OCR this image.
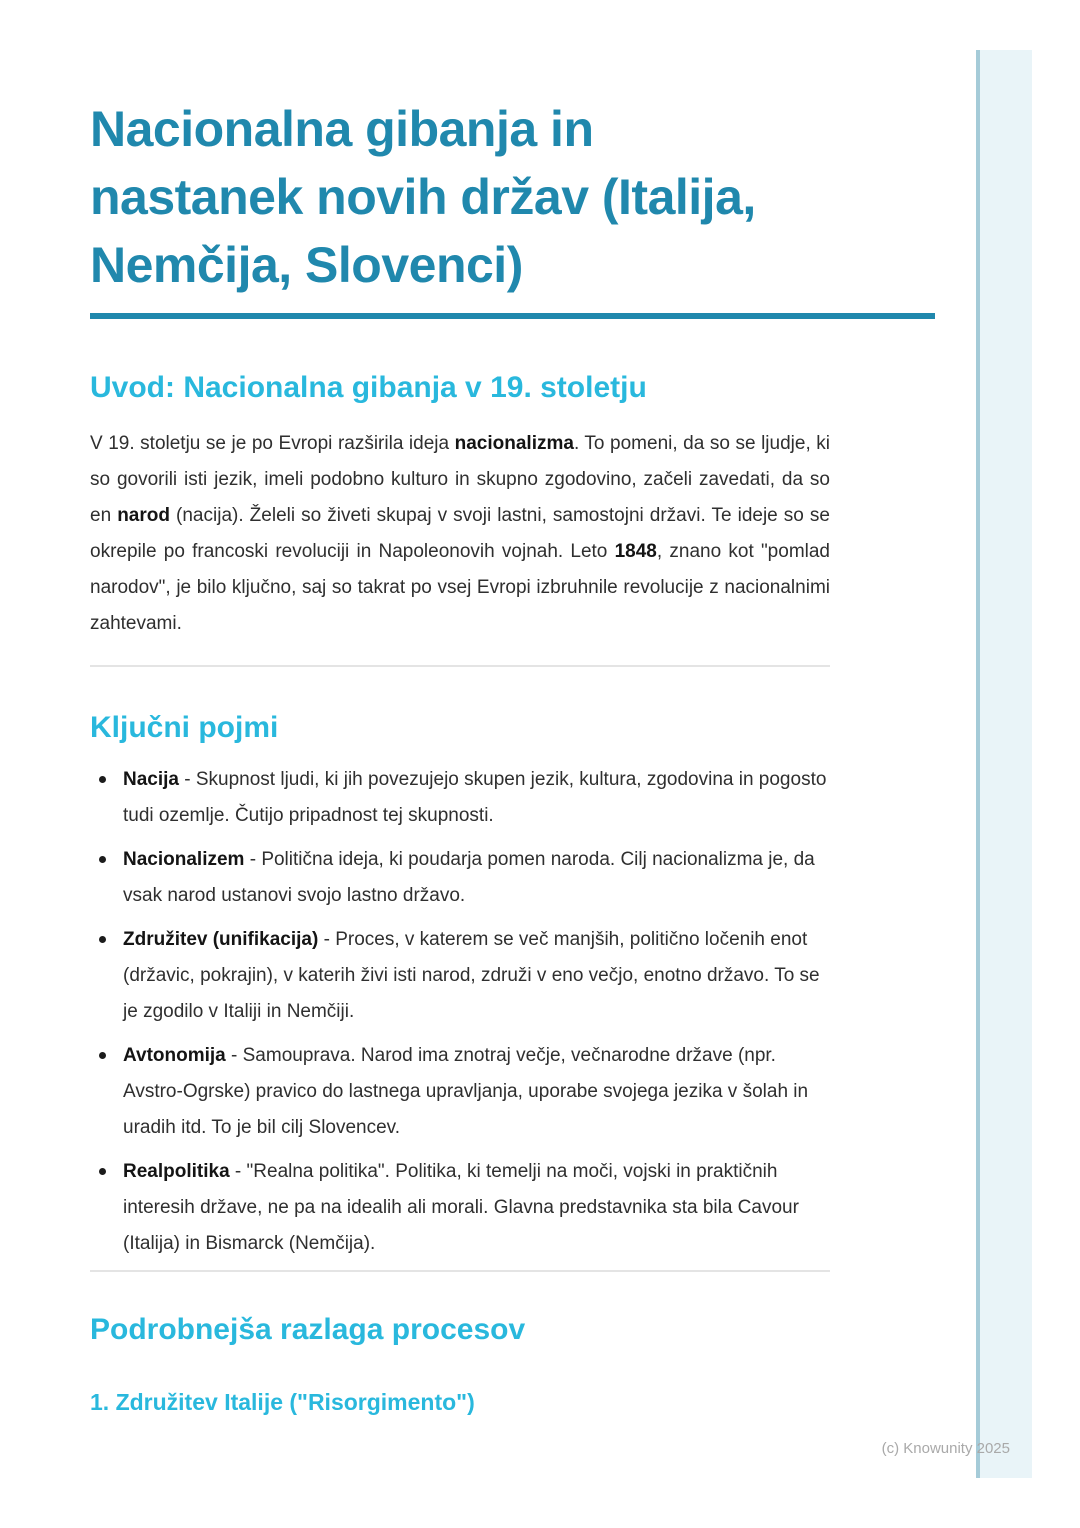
Nacionalna gibanja in
nastanek novih držav (Italija,
Nemčija, Slovenci)
Uvod: Nacionalna gibanja v 19. stoletju

V 19. stoletju se je po Evropi razširila ideja nacionalizma. To pomeni, da so se ljudje, ki so govorili isti jezik, imeli podobno kulturo in skupno zgodovino, začeli zavedati, da so en narod (nacija). Želeli so živeti skupaj v svoji lastni, samostojni državi. Te ideje so se okrepile po francoski revoluciji in Napoleonovih vojnah. Leto 1848, znano kot "pomlad narodov", je bilo ključno, saj so takrat po vsej Evropi izbruhnile revolucije z nacionalnimi zahtevami.

Ključni pojmi
Nacija - Skupnost ljudi, ki jih povezujejo skupen jezik, kultura, zgodovina in pogosto tudi ozemlje. Čutijo pripadnost tej skupnosti.
Nacionalizem - Politična ideja, ki poudarja pomen naroda. Cilj nacionalizma je, da vsak narod ustanovi svojo lastno državo.
Združitev (unifikacija) - Proces, v katerem se več manjših, politično ločenih enot (državic, pokrajin), v katerih živi isti narod, združi v eno večjo, enotno državo. To se je zgodilo v Italiji in Nemčiji.
Avtonomija - Samouprava. Narod ima znotraj večje, večnarodne države (npr. Avstro-Ogrske) pravico do lastnega upravljanja, uporabe svojega jezika v šolah in uradih itd. To je bil cilj Slovencev.
Realpolitika - "Realna politika". Politika, ki temelji na moči, vojski in praktičnih interesih države, ne pa na idealih ali morali. Glavna predstavnika sta bila Cavour (Italija) in Bismarck (Nemčija).
Podrobnejša razlaga procesov
1. Združitev Italije ("Risorgimento")
(c) Knowunity 2025
